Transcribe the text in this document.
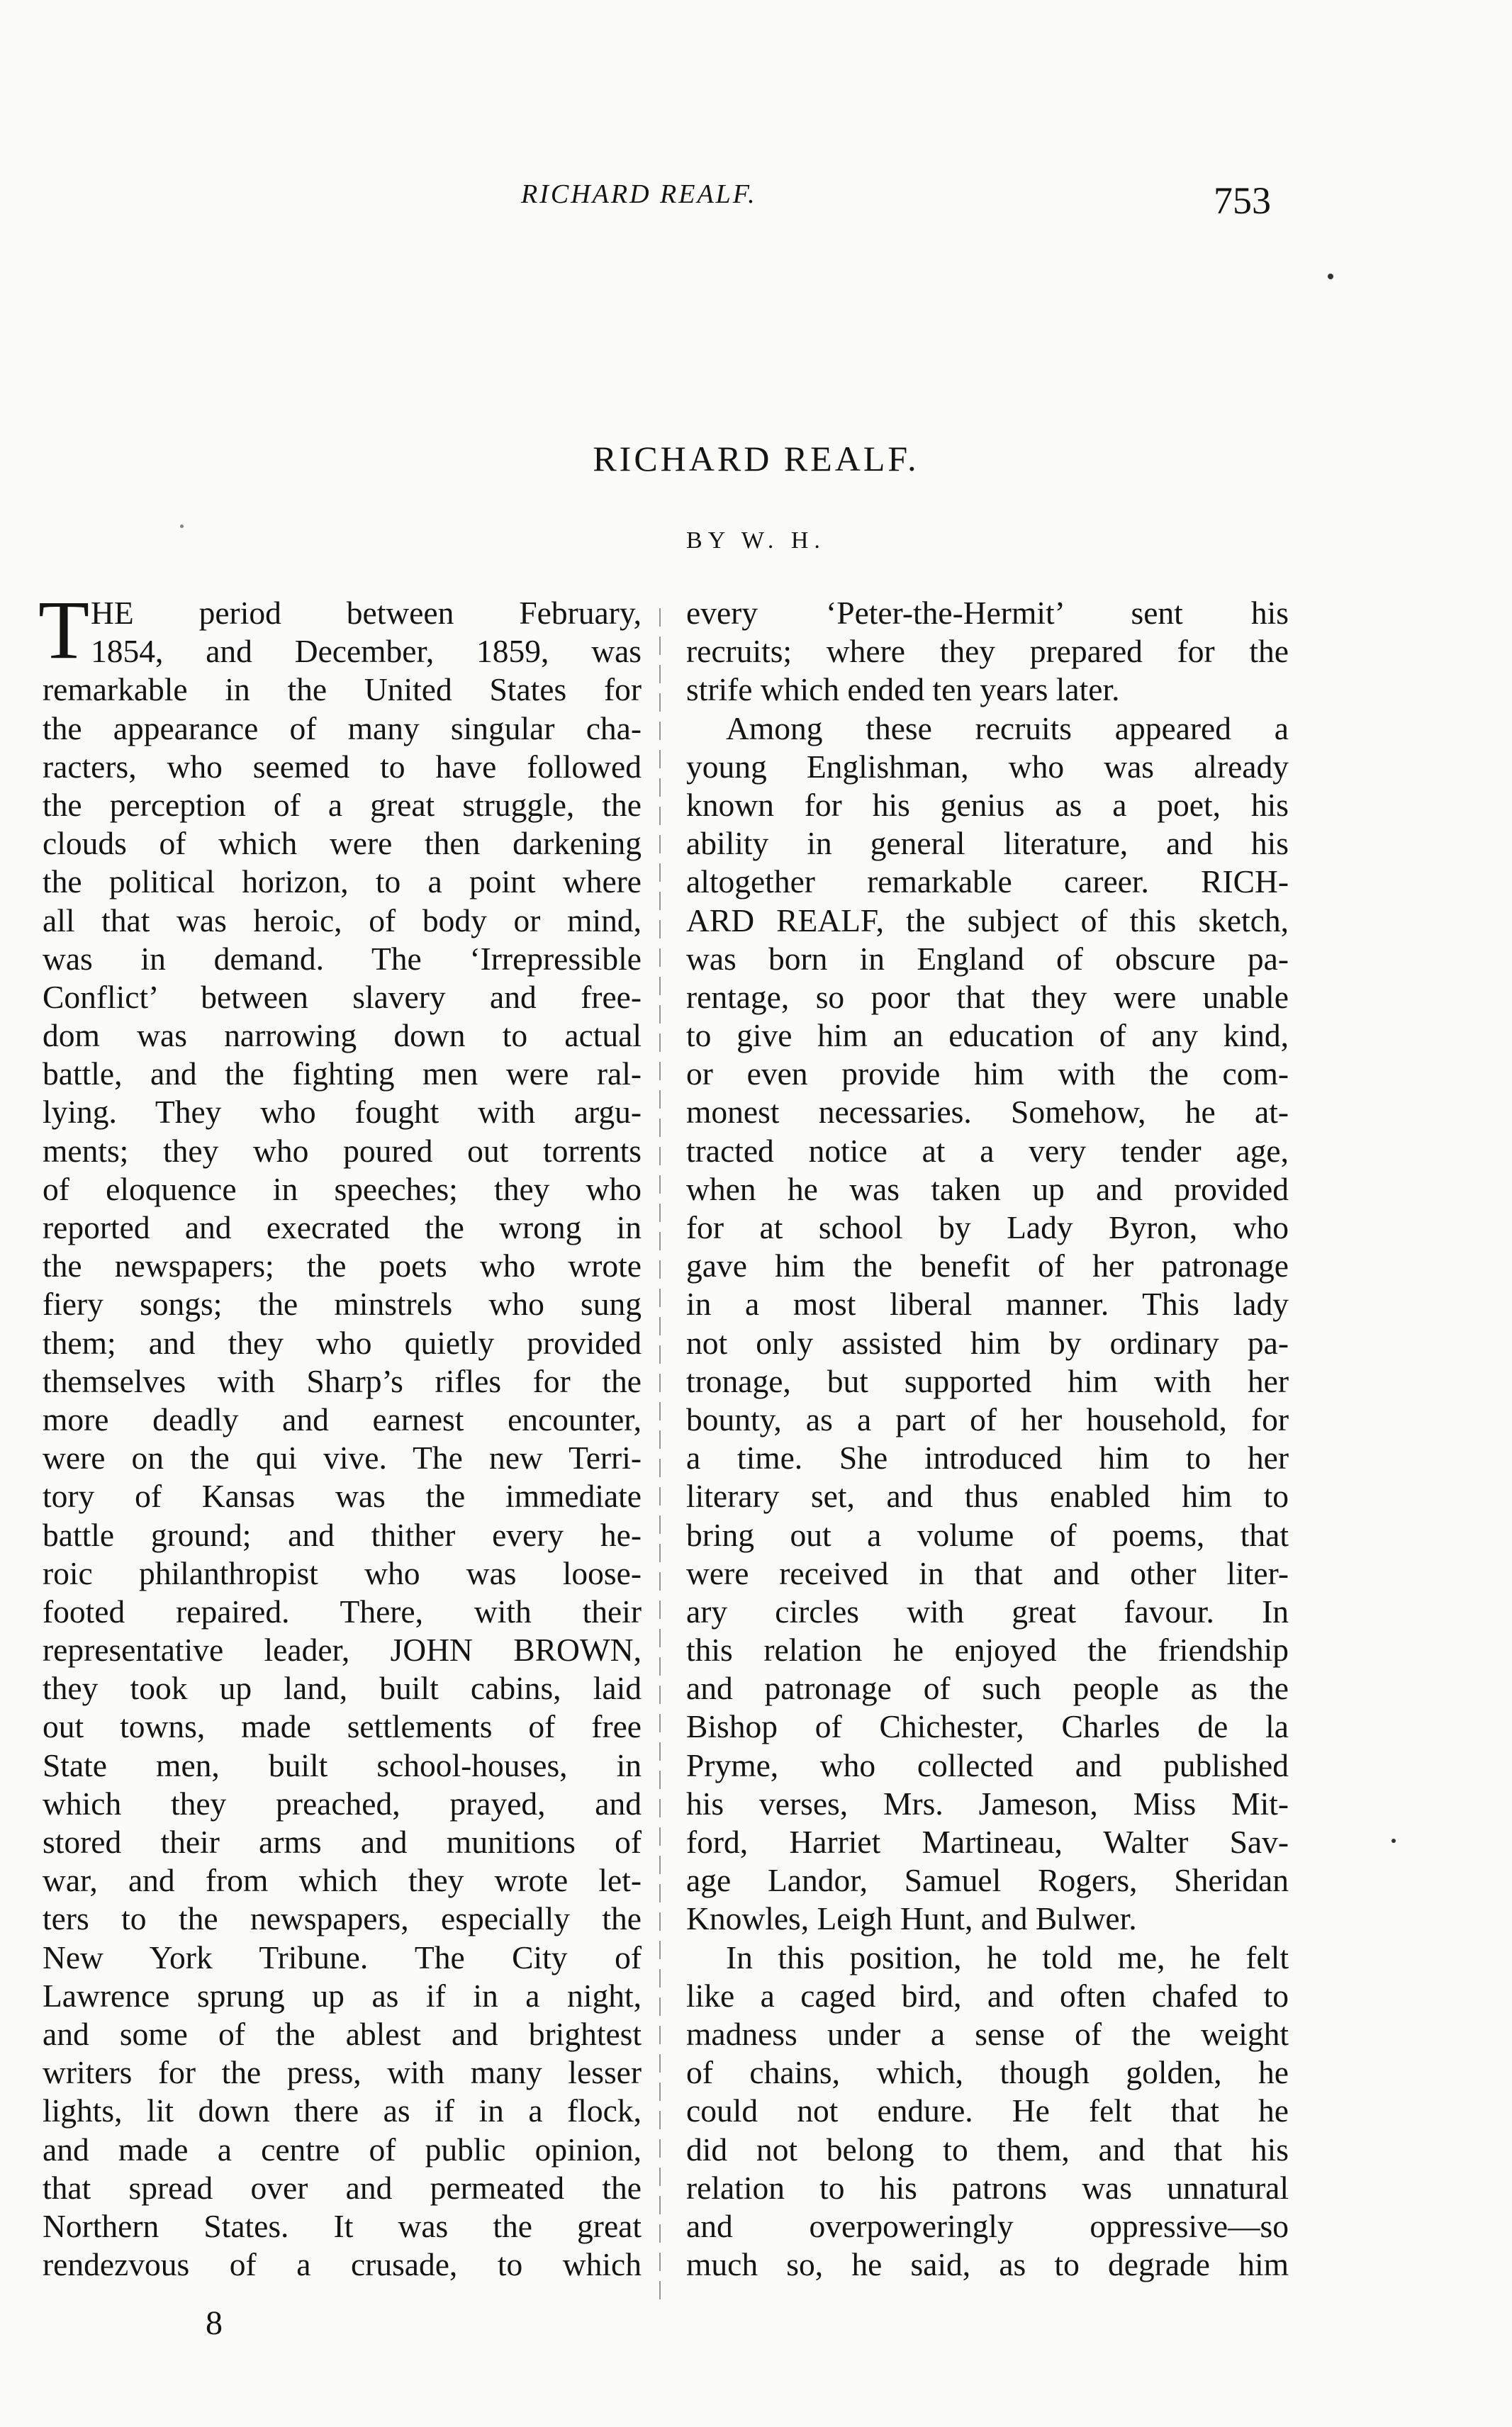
RICHARD REALF.	753
RICHARD REALF.
BY W. H.
T HE period between February,
1854, and December, 1859, was
remarkable in the United States for
the appearance of many singular cha-
racters, who seemed to have followed
the perception of a great struggle, the
clouds of which were then darkening
the political horizon, to a point where
all that was heroic, of body or mind,
was in demand. The ‘Irrepressible
Conflict’ between slavery and free-
dom was narrowing down to actual
battle, and the fighting men were ral-
lying. They who fought with argu-
ments; they who poured out torrents
of eloquence in speeches; they who
reported and execrated the wrong in
the newspapers; the poets who wrote
fiery songs; the minstrels who sung
them; and they who quietly provided
themselves with Sharp’s rifles for the
more deadly and earnest encounter,
were on the qui vive. The new Terri-
tory of Kansas was the immediate
battle ground; and thither every he-
roic philanthropist who was loose-
footed repaired. There, with their
representative leader, JOHN BROWN,
they took up land, built cabins, laid
out towns, made settlements of free
State men, built school-houses, in
which they preached, prayed, and
stored their arms and munitions of
war, and from which they wrote let-
ters to the newspapers, especially the
New York Tribune. The City of
Lawrence sprung up as if in a night,
and some of the ablest and brightest
writers for the press, with many lesser
lights, lit down there as if in a flock,
and made a centre of public opinion,
that spread over and permeated the
Northern States. It was the great
rendezvous of a crusade, to which
every ‘Peter-the-Hermit’ sent his
recruits; where they prepared for the
strife which ended ten years later.
Among these recruits appeared a
young Englishman, who was already
known for his genius as a poet, his
ability in general literature, and his
altogether remarkable career. RICH-
ARD REALF, the subject of this sketch,
was born in England of obscure pa-
rentage, so poor that they were unable
to give him an education of any kind,
or even provide him with the com-
monest necessaries. Somehow, he at-
tracted notice at a very tender age,
when he was taken up and provided
for at school by Lady Byron, who
gave him the benefit of her patronage
in a most liberal manner. This lady
not only assisted him by ordinary pa-
tronage, but supported him with her
bounty, as a part of her household, for
a time. She introduced him to her
literary set, and thus enabled him to
bring out a volume of poems, that
were received in that and other liter-
ary circles with great favour. In
this relation he enjoyed the friendship
and patronage of such people as the
Bishop of Chichester, Charles de la
Pryme, who collected and published
his verses, Mrs. Jameson, Miss Mit-
ford, Harriet Martineau, Walter Sav-
age Landor, Samuel Rogers, Sheridan
Knowles, Leigh Hunt, and Bulwer.
In this position, he told me, he felt
like a caged bird, and often chafed to
madness under a sense of the weight
of chains, which, though golden, he
could not endure. He felt that he
did not belong to them, and that his
relation to his patrons was unnatural
and overpoweringly oppressive—so
much so, he said, as to degrade him
8
